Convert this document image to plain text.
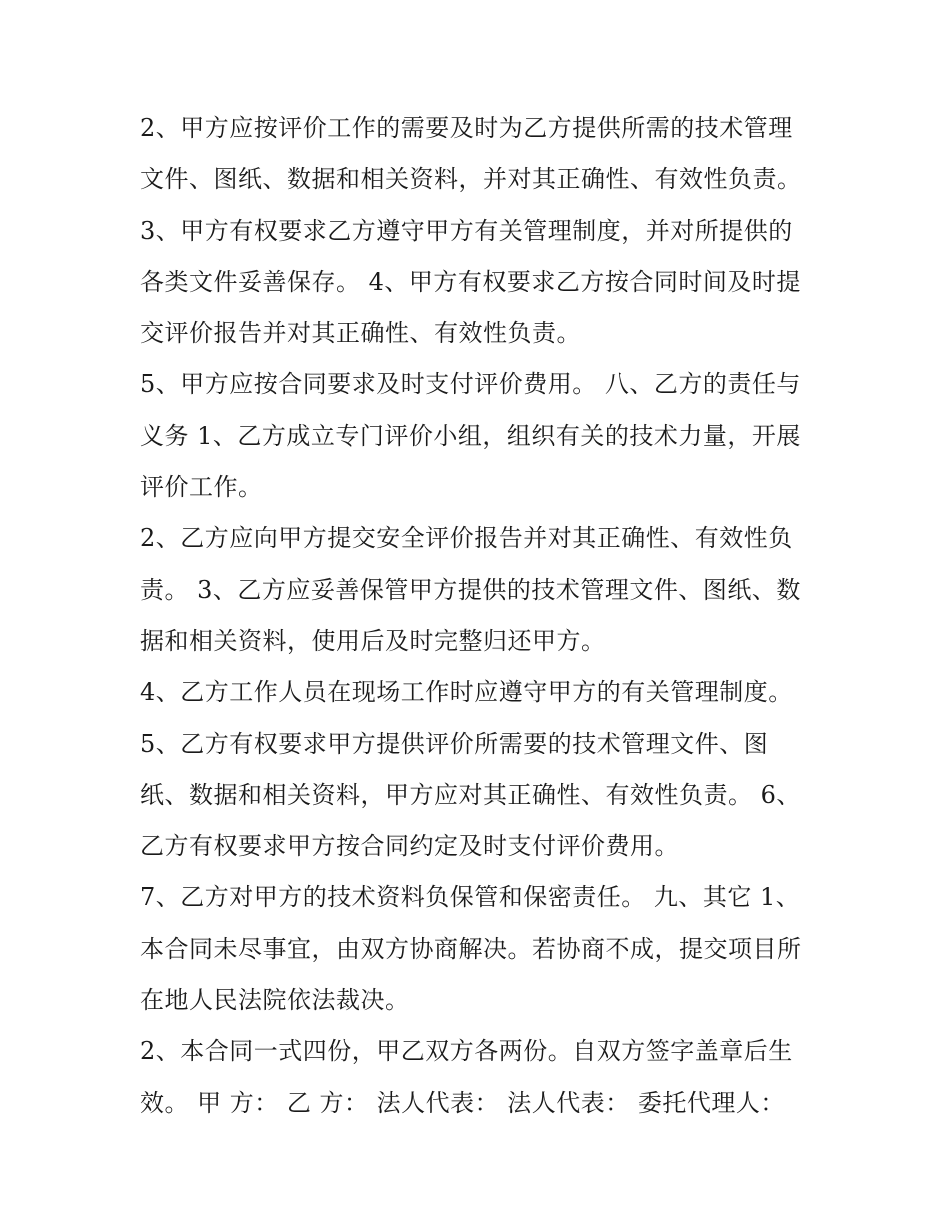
2、甲方应按评价工作的需要及时为乙方提供所需的技术管理
文件、图纸、数据和相关资料，并对其正确性、有效性负责。
3、甲方有权要求乙方遵守甲方有关管理制度，并对所提供的
各类文件妥善保存。 4、甲方有权要求乙方按合同时间及时提
交评价报告并对其正确性、有效性负责。
5、甲方应按合同要求及时支付评价费用。 八、乙方的责任与
义务 1、乙方成立专门评价小组，组织有关的技术力量，开展
评价工作。
2、乙方应向甲方提交安全评价报告并对其正确性、有效性负
责。 3、乙方应妥善保管甲方提供的技术管理文件、图纸、数
据和相关资料，使用后及时完整归还甲方。
4、乙方工作人员在现场工作时应遵守甲方的有关管理制度。
5、乙方有权要求甲方提供评价所需要的技术管理文件、图
纸、数据和相关资料，甲方应对其正确性、有效性负责。 6、
乙方有权要求甲方按合同约定及时支付评价费用。
7、乙方对甲方的技术资料负保管和保密责任。 九、其它 1、
本合同未尽事宜，由双方协商解决。若协商不成，提交项目所
在地人民法院依法裁决。
2、本合同一式四份，甲乙双方各两份。自双方签字盖章后生
效。 甲 方： 乙 方： 法人代表： 法人代表： 委托代理人：
